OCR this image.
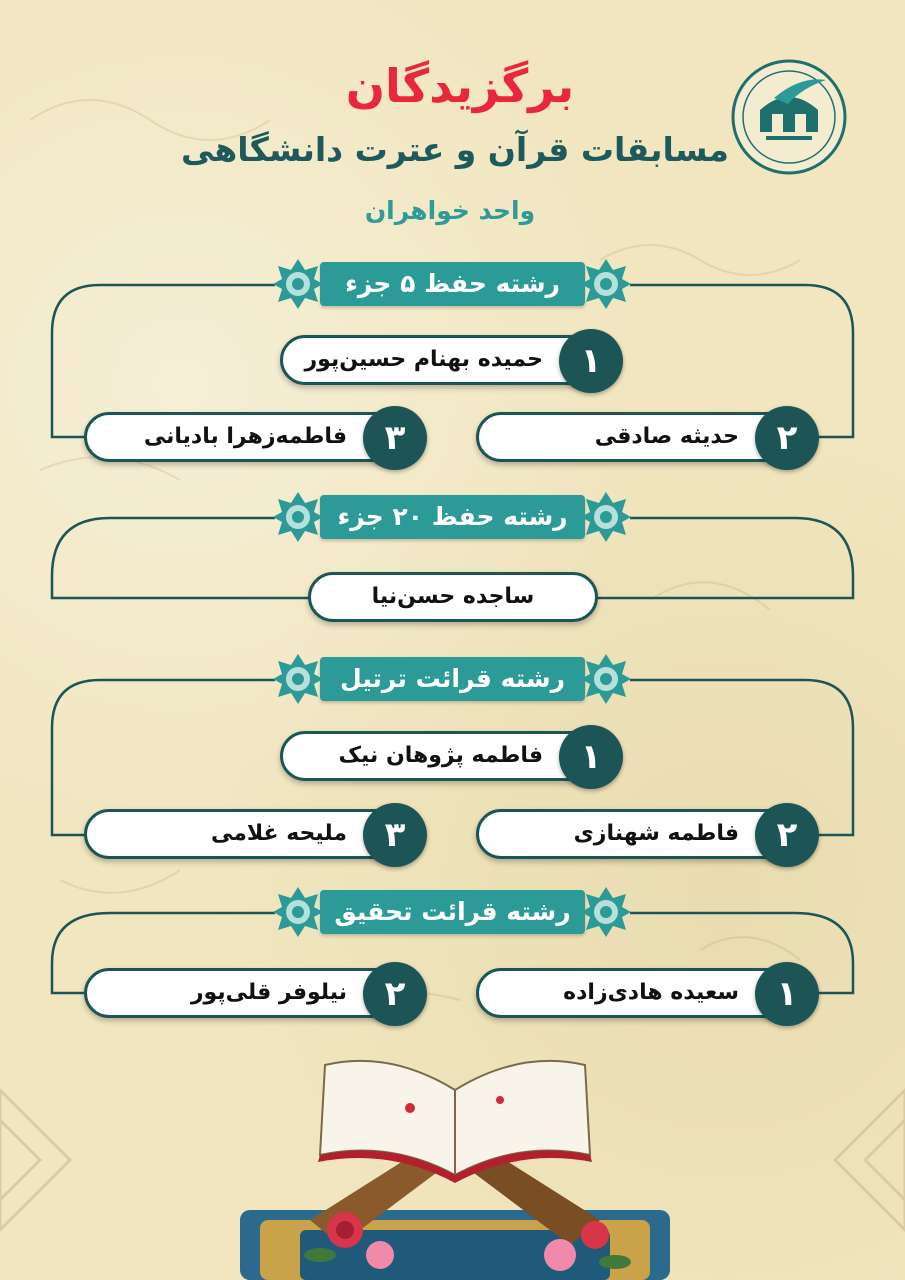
برگزیدگان
مسابقات قرآن و عترت دانشگاهی
واحد خواهران
رشته حفظ ۵ جزء
۱
حمیده بهنام حسین‌پور
۲
حدیثه صادقی
۳
فاطمه‌زهرا بادیانی
رشته حفظ ۲۰ جزء
ساجده حسن‌نیا
رشته قرائت ترتیل
۱
فاطمه پژوهان نیک
۲
فاطمه شهنازی
۳
ملیحه غلامی
رشته قرائت تحقیق
۱
سعیده هادی‌زاده
۲
نیلوفر قلی‌پور
